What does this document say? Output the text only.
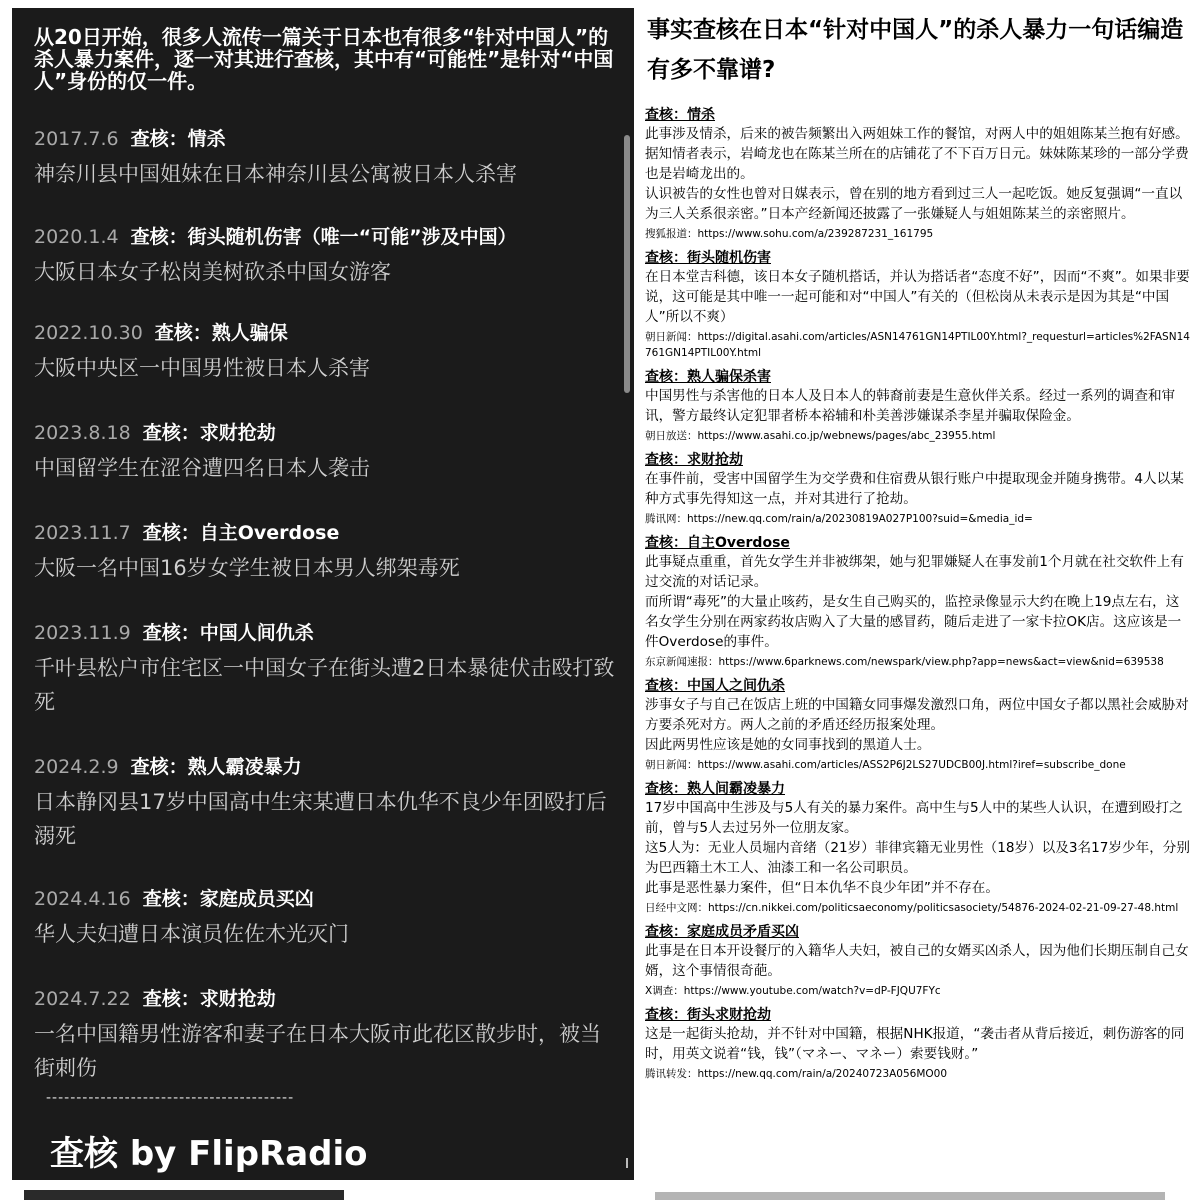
从20日开始，很多人流传一篇关于日本也有很多“针对中国人”的杀人暴力案件，逐一对其进行查核，其中有“可能性”是针对“中国人”身份的仅一件。

2017.7.6 查核：情杀
神奈川县中国姐妹在日本神奈川县公寓被日本人杀害
2020.1.4 查核：街头随机伤害（唯一“可能”涉及中国）
大阪日本女子松岗美树砍杀中国女游客
2022.10.30 查核：熟人骗保
大阪中央区一中国男性被日本人杀害
2023.8.18 查核：求财抢劫
中国留学生在涩谷遭四名日本人袭击
2023.11.7 查核：自主Overdose
大阪一名中国16岁女学生被日本男人绑架毒死
2023.11.9 查核：中国人间仇杀
千叶县松户市住宅区一中国女子在街头遭2日本暴徒伏击殴打致死
2024.2.9 查核：熟人霸凌暴力
日本静冈县17岁中国高中生宋某遭日本仇华不良少年团殴打后溺死
2024.4.16 查核：家庭成员买凶
华人夫妇遭日本演员佐佐木光灭门
2024.7.22 查核：求财抢劫
一名中国籍男性游客和妻子在日本大阪市此花区散步时，被当街刺伤
-----------------------------------------
查核 by FlipRadio
事实查核在日本“针对中国人”的杀人暴力一句话编造有多不靠谱?
查核：情杀
此事涉及情杀，后来的被告频繁出入两姐妹工作的餐馆，对两人中的姐姐陈某兰抱有好感。据知情者表示，岩崎龙也在陈某兰所在的店铺花了不下百万日元。妹妹陈某珍的一部分学费也是岩崎龙出的。
认识被告的女性也曾对日媒表示，曾在别的地方看到过三人一起吃饭。她反复强调“一直以为三人关系很亲密。”日本产经新闻还披露了一张嫌疑人与姐姐陈某兰的亲密照片。
搜狐报道：https://www.sohu.com/a/239287231_161795
查核：街头随机伤害
在日本堂吉科德，该日本女子随机搭话，并认为搭话者“态度不好”，因而“不爽”。如果非要说，这可能是其中唯一一起可能和对“中国人”有关的（但松岗从未表示是因为其是“中国人”所以不爽）
朝日新闻：https://digital.asahi.com/articles/ASN14761GN14PTIL00Y.html?_requesturl=articles%2FASN14761GN14PTIL00Y.html
查核：熟人骗保杀害
中国男性与杀害他的日本人及日本人的韩裔前妻是生意伙伴关系。经过一系列的调查和审讯，警方最终认定犯罪者桥本裕辅和朴美善涉嫌谋杀李星并骗取保险金。
朝日放送：https://www.asahi.co.jp/webnews/pages/abc_23955.html
查核：求财抢劫
在事件前，受害中国留学生为交学费和住宿费从银行账户中提取现金并随身携带。4人以某种方式事先得知这一点，并对其进行了抢劫。
腾讯网：https://new.qq.com/rain/a/20230819A027P100?suid=&media_id=
查核：自主Overdose
此事疑点重重，首先女学生并非被绑架，她与犯罪嫌疑人在事发前1个月就在社交软件上有过交流的对话记录。
而所谓“毒死”的大量止咳药，是女生自己购买的，监控录像显示大约在晚上19点左右，这名女学生分别在两家药妆店购入了大量的感冒药，随后走进了一家卡拉OK店。这应该是一件Overdose的事件。
东京新闻速报：https://www.6parknews.com/newspark/view.php?app=news&act=view&nid=639538
查核：中国人之间仇杀
涉事女子与自己在饭店上班的中国籍女同事爆发激烈口角，两位中国女子都以黑社会威胁对方要杀死对方。两人之前的矛盾还经历报案处理。
因此两男性应该是她的女同事找到的黑道人士。
朝日新闻：https://www.asahi.com/articles/ASS2P6J2LS27UDCB00J.html?iref=subscribe_done
查核：熟人间霸凌暴力
17岁中国高中生涉及与5人有关的暴力案件。高中生与5人中的某些人认识，在遭到殴打之前，曾与5人去过另外一位朋友家。
这5人为：无业人员堀内音绪（21岁）菲律宾籍无业男性（18岁）以及3名17岁少年，分别为巴西籍土木工人、油漆工和一名公司职员。
此事是恶性暴力案件，但“日本仇华不良少年团”并不存在。
日经中文网：https://cn.nikkei.com/politicsaeconomy/politicsasociety/54876-2024-02-21-09-27-48.html
查核：家庭成员矛盾买凶
此事是在日本开设餐厅的入籍华人夫妇，被自己的女婿买凶杀人，因为他们长期压制自己女婿，这个事情很奇葩。
X调查：https://www.youtube.com/watch?v=dP-FJQU7FYc
查核：街头求财抢劫
这是一起街头抢劫，并不针对中国籍，根据NHK报道，“袭击者从背后接近，刺伤游客的同时，用英文说着“钱，钱”（マネー、マネー）索要钱财。”
腾讯转发：https://new.qq.com/rain/a/20240723A056MO00
